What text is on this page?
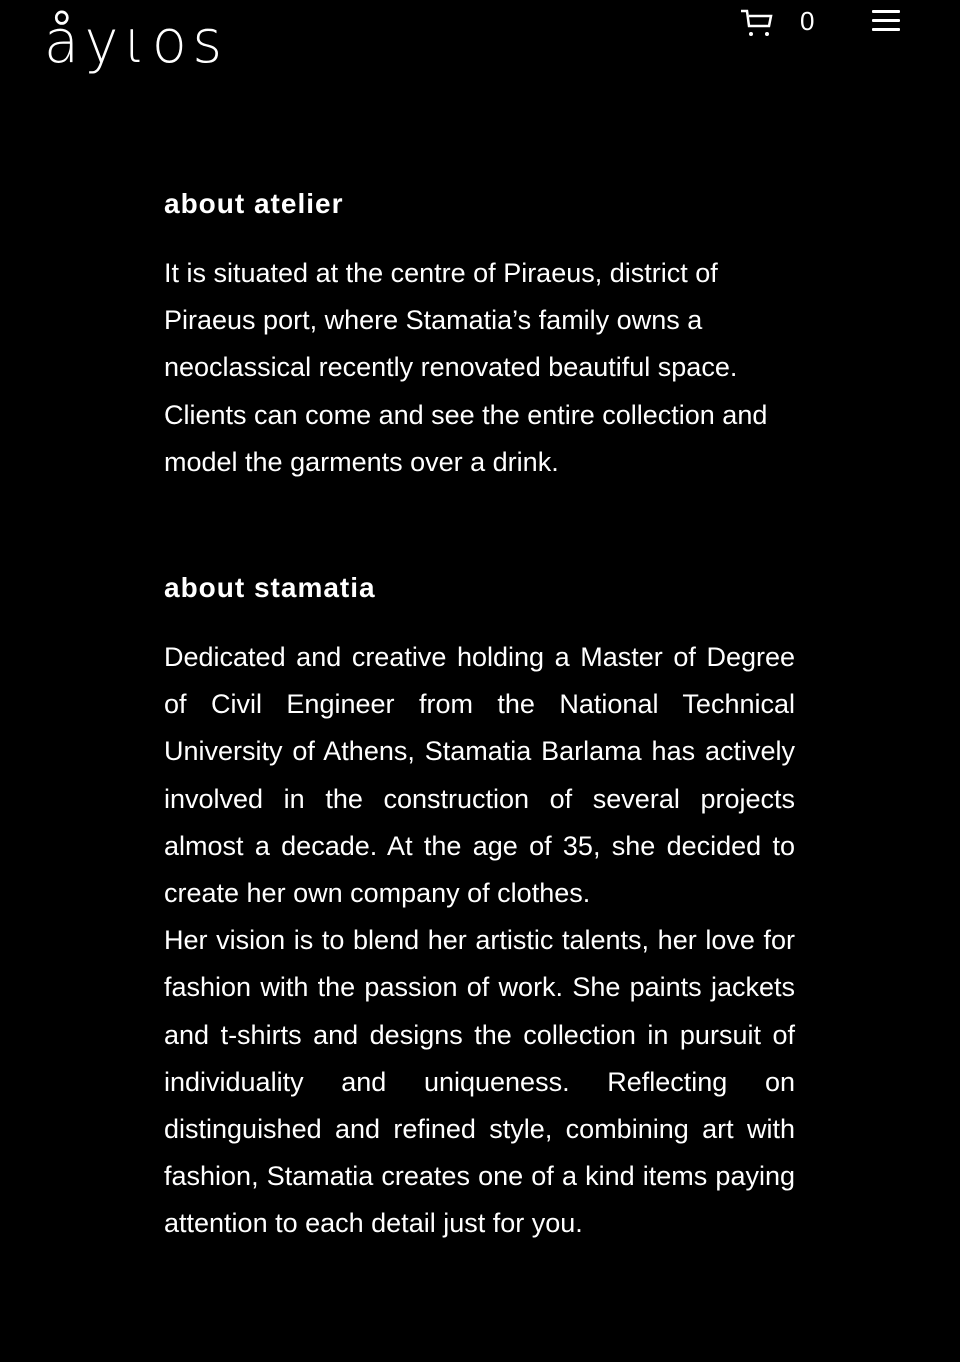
åyιos	0
about atelier

It is situated at the centre of Piraeus, district of Piraeus port, where Stamatia’s family owns a neoclassical recently renovated beautiful space. Clients can come and see the entire collection and model the garments over a drink.

about stamatia

Dedicated and creative holding a Master of Degree of Civil Engineer from the National Technical University of Athens, Stamatia Barlama has actively involved in the construction of several projects almost a decade. At the age of 35, she decided to create her own company of clothes.

Her vision is to blend her artistic talents, her love for fashion with the passion of work. She paints jackets and t-shirts and designs the collection in pursuit of individuality and uniqueness. Reflecting on distinguished and refined style, combining art with fashion, Stamatia creates one of a kind items paying attention to each detail just for you.
